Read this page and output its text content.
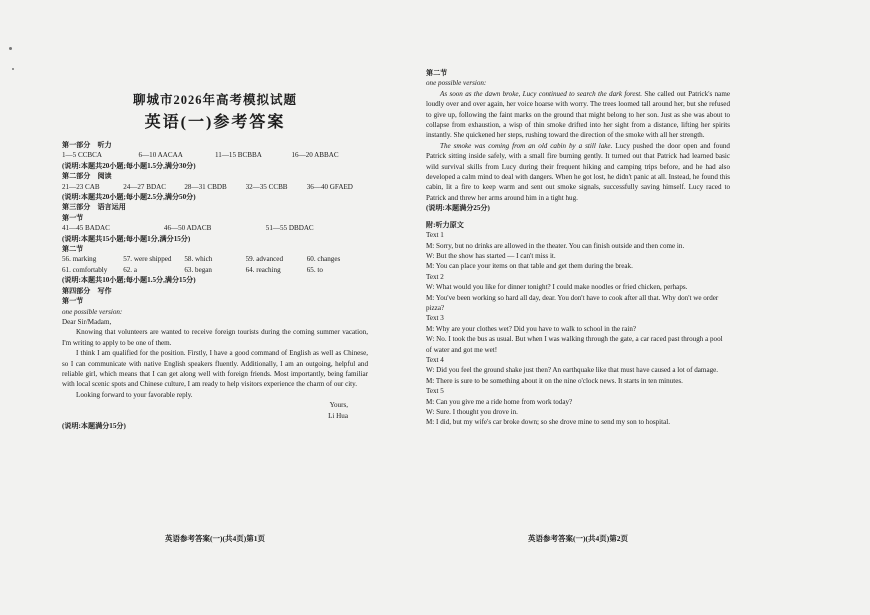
聊城市2026年高考模拟试题
英语(一)参考答案
第一部分　听力
1—5 CCBCA	6—10 AACAA	11—15 BCBBA	16—20 ABBAC
(说明:本题共20小题;每小题1.5分,满分30分)
第二部分　阅读
21—23 CAB	24—27 BDAC	28—31 CBDB	32—35 CCBB	36—40 GFAED
(说明:本题共20小题;每小题2.5分,满分50分)
第三部分　语言运用
第一节
41—45 BADAC	46—50 ADACB	51—55 DBDAC
(说明:本题共15小题;每小题1分,满分15分)
第二节
56. marking	57. were shipped	58. which	59. advanced	60. changes
61. comfortably	62. a	63. began	64. reaching	65. to
(说明:本题共10小题;每小题1.5分,满分15分)
第四部分　写作
第一节
one possible version:
Dear Sir/Madam,
Knowing that volunteers are wanted to receive foreign tourists during the coming summer vacation, I'm writing to apply to be one of them.
I think I am qualified for the position. Firstly, I have a good command of English as well as Chinese, so I can communicate with native English speakers fluently. Additionally, I am an outgoing, helpful and reliable girl, which means that I can get along well with foreign friends. Most importantly, being familiar with local scenic spots and Chinese culture, I am ready to help visitors experience the charm of our city.
Looking forward to your favorable reply.
Yours,
Li Hua
(说明:本题满分15分)
英语参考答案(一)(共4页)第1页
第二节
one possible version:
As soon as the dawn broke, Lucy continued to search the dark forest. She called out Patrick's name loudly over and over again, her voice hoarse with worry. The trees loomed tall around her, but she refused to give up, following the faint marks on the ground that might belong to her son. Just as she was about to collapse from exhaustion, a wisp of thin smoke drifted into her sight from a distance, lifting her spirits instantly. She quickened her steps, rushing toward the direction of the smoke with all her strength.
The smoke was coming from an old cabin by a still lake. Lucy pushed the door open and found Patrick sitting inside safely, with a small fire burning gently. It turned out that Patrick had learned basic wild survival skills from Lucy during their frequent hiking and camping trips before, and he had also developed a calm mind to deal with dangers. When he got lost, he didn't panic at all. Instead, he found this cabin, lit a fire to keep warm and sent out smoke signals, successfully saving himself. Lucy raced to Patrick and threw her arms around him in a tight hug.
(说明:本题满分25分)
附:听力原文
Text 1
M: Sorry, but no drinks are allowed in the theater. You can finish outside and then come in.
W: But the show has started — I can't miss it.
M: You can place your items on that table and get them during the break.
Text 2
W: What would you like for dinner tonight? I could make noodles or fried chicken, perhaps.
M: You've been working so hard all day, dear. You don't have to cook after all that. Why don't we order pizza?
Text 3
M: Why are your clothes wet? Did you have to walk to school in the rain?
W: No. I took the bus as usual. But when I was walking through the gate, a car raced past through a pool of water and got me wet!
Text 4
W: Did you feel the ground shake just then? An earthquake like that must have caused a lot of damage.
M: There is sure to be something about it on the nine o'clock news. It starts in ten minutes.
Text 5
M: Can you give me a ride home from work today?
W: Sure. I thought you drove in.
M: I did, but my wife's car broke down; so she drove mine to send my son to hospital.
英语参考答案(一)(共4页)第2页
